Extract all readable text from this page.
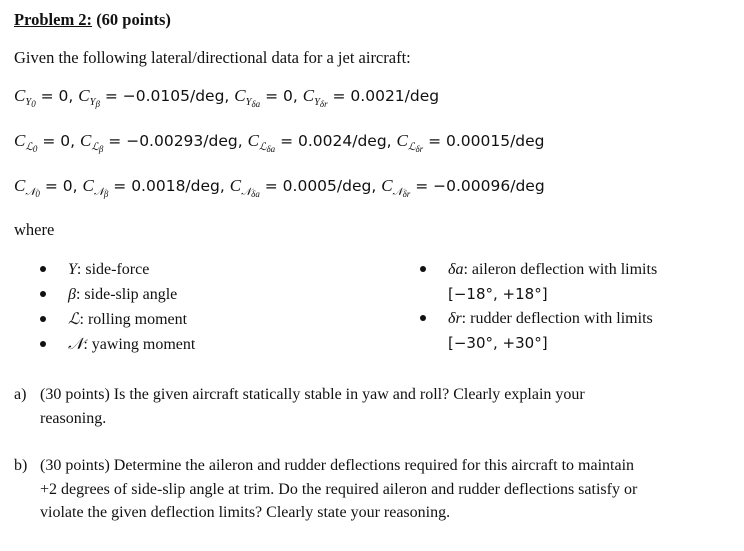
Problem 2: (60 points)
Given the following lateral/directional data for a jet aircraft:
$C_{Y_0} = 0$, $C_{Y_\beta} = -0.0105/deg$, $C_{Y_{\delta a}} = 0$, $C_{Y_{\delta r}} = 0.0021/deg$
$C_{ℒ_0} = 0$, $C_{ℒ_\beta} = -0.00293/deg$, $C_{ℒ_{\delta a}} = 0.0024/deg$, $C_{ℒ_{\delta r}} = 0.00015/deg$
$C_{𝒩_0} = 0$, $C_{𝒩_\beta} = 0.0018/deg$, $C_{𝒩_{\delta a}} = 0.0005/deg$, $C_{𝒩_{\delta r}} = -0.00096/deg$
where
Y: side-force
β: side-slip angle
ℒ: rolling moment
𝒩: yawing moment
δa: aileron deflection with limits
[−18°, +18°]
δr: rudder deflection with limits
[−30°, +30°]
a) (30 points) Is the given aircraft statically stable in yaw and roll? Clearly explain your
reasoning.
b) (30 points) Determine the aileron and rudder deflections required for this aircraft to maintain
+2 degrees of side-slip angle at trim. Do the required aileron and rudder deflections satisfy or
violate the given deflection limits? Clearly state your reasoning.
